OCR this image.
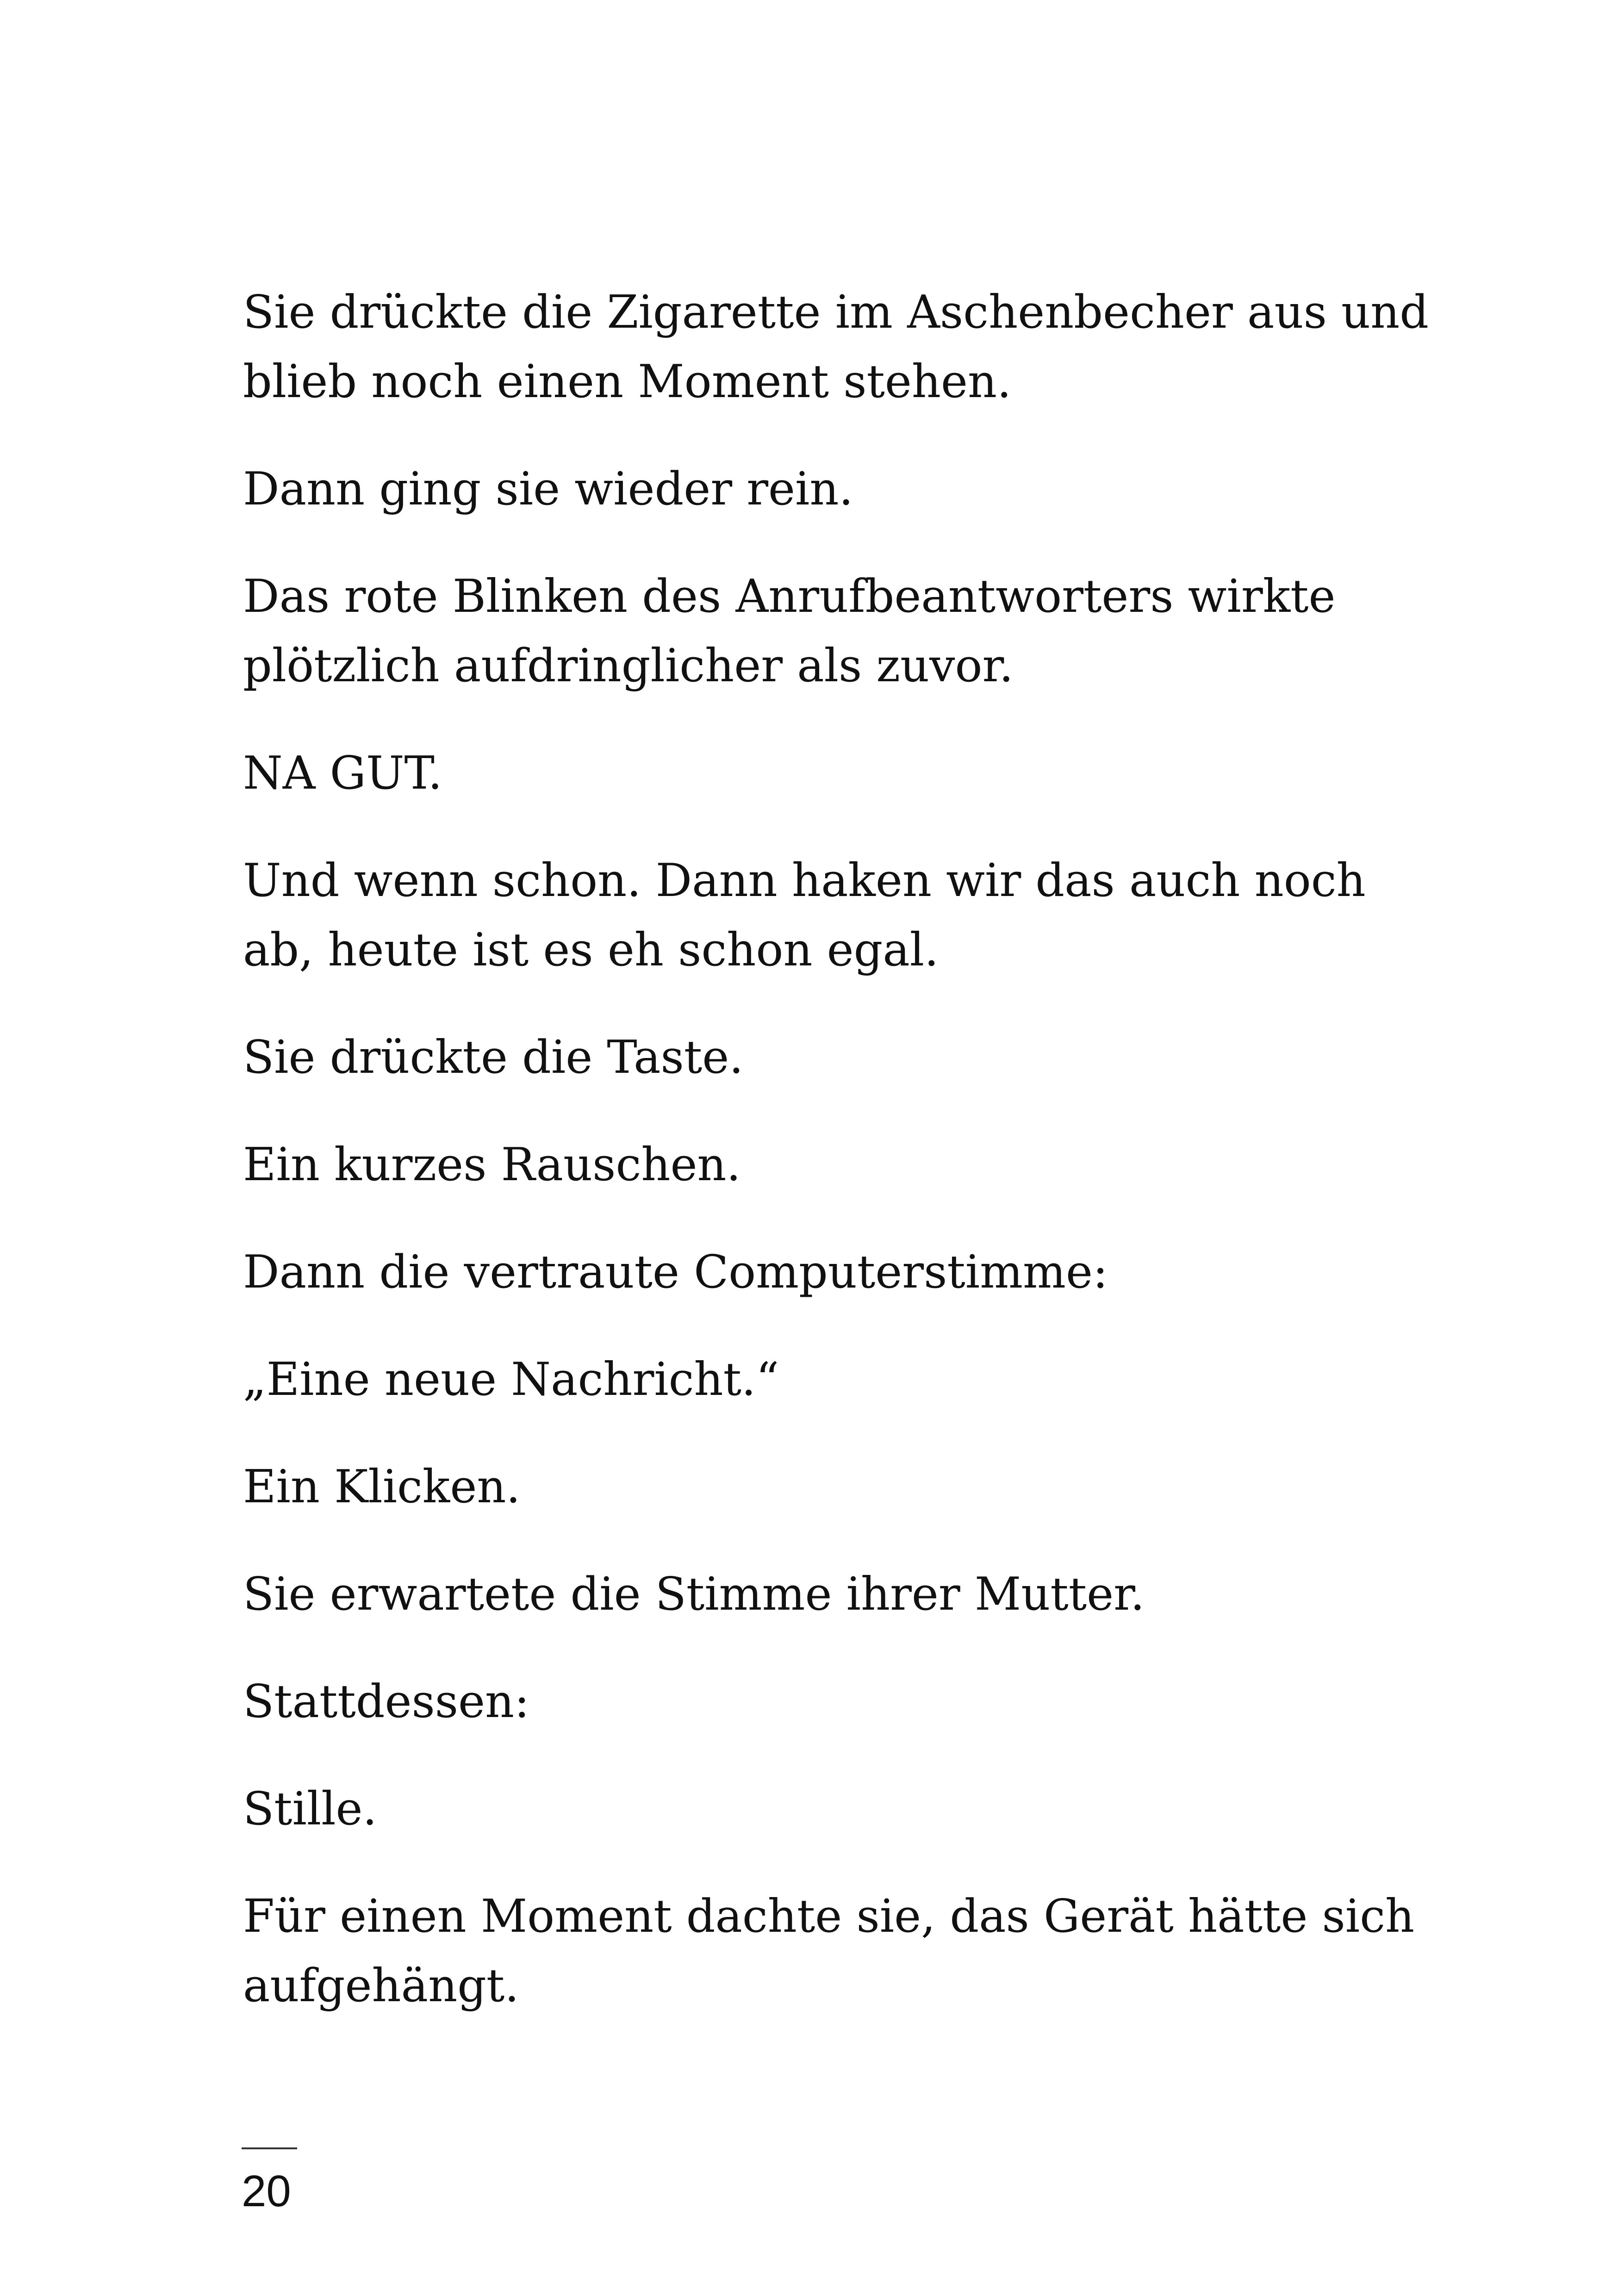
Sie drückte die Zigarette im Aschenbecher aus und
blieb noch einen Moment stehen.

Dann ging sie wieder rein.

Das rote Blinken des Anrufbeantworters wirkte
plötzlich aufdringlicher als zuvor.

NA GUT.

Und wenn schon. Dann haken wir das auch noch
ab, heute ist es eh schon egal.

Sie drückte die Taste.

Ein kurzes Rauschen.

Dann die vertraute Computerstimme:

„Eine neue Nachricht.“

Ein Klicken.

Sie erwartete die Stimme ihrer Mutter.

Stattdessen:

Stille.

Für einen Moment dachte sie, das Gerät hätte sich
aufgehängt.

20
